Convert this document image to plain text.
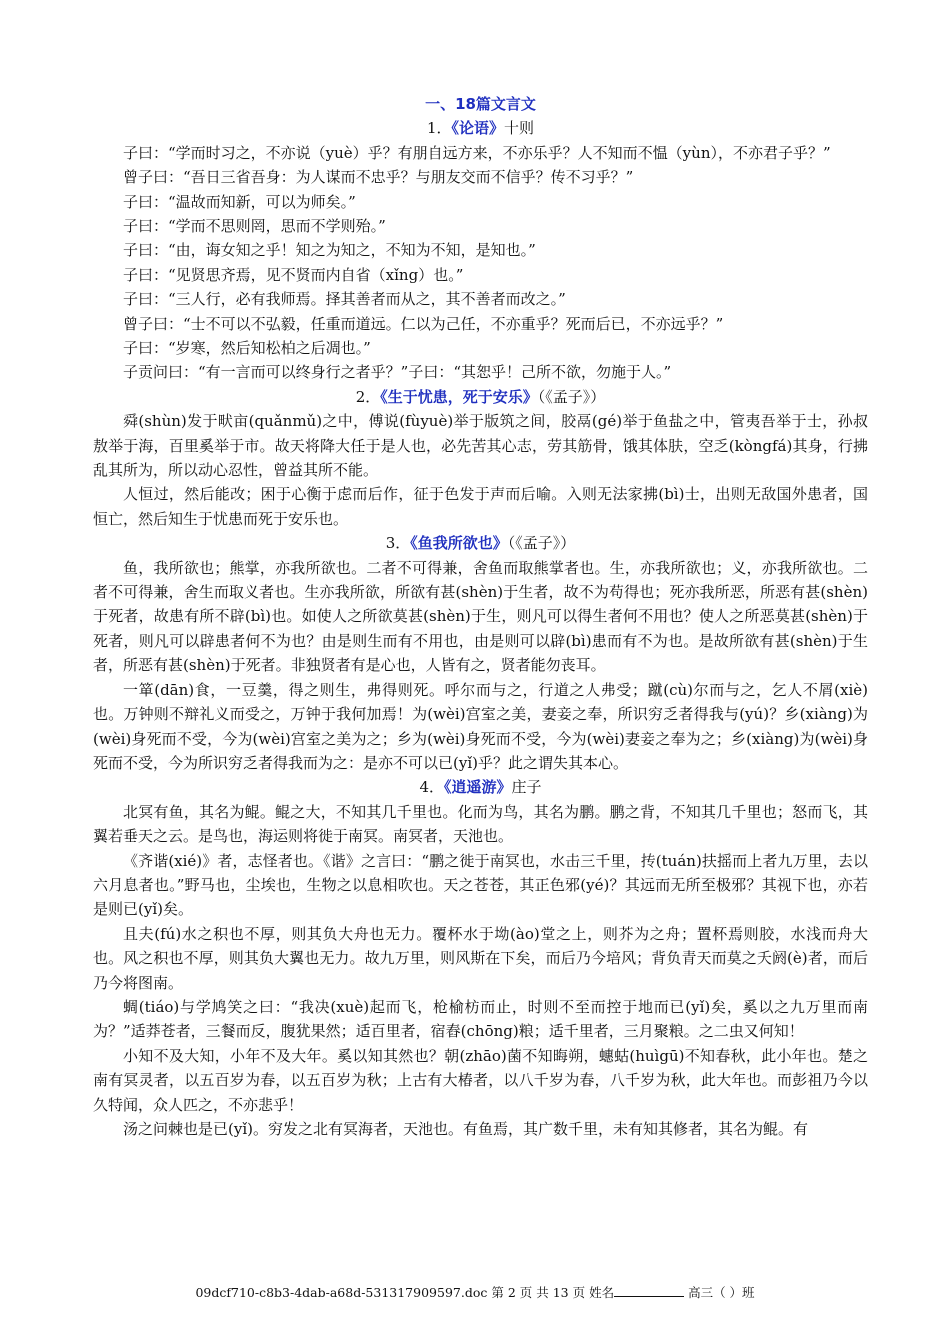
一、18篇文言文
1．《论语》十则

子曰：“学而时习之，不亦说（yuè）乎？有朋自远方来，不亦乐乎？人不知而不愠（yùn），不亦君子乎？”

曾子曰：“吾日三省吾身：为人谋而不忠乎？与朋友交而不信乎？传不习乎？”

子曰：“温故而知新，可以为师矣。”

子曰：“学而不思则罔，思而不学则殆。”

子曰：“由，诲女知之乎！知之为知之，不知为不知，是知也。”

子曰：“见贤思齐焉，见不贤而内自省（xǐng）也。”

子曰：“三人行，必有我师焉。择其善者而从之，其不善者而改之。”

曾子曰：“士不可以不弘毅，任重而道远。仁以为己任，不亦重乎？死而后已，不亦远乎？”

子曰：“岁寒，然后知松柏之后凋也。”

子贡问曰：“有一言而可以终身行之者乎？”子曰：“其恕乎！己所不欲，勿施于人。”

2．《生于忧患，死于安乐》（《孟子》）

舜(shùn)发于畎亩(quǎnmǔ)之中，傅说(fùyuè)举于版筑之间，胶鬲(gé)举于鱼盐之中，管夷吾举于士，孙叔敖举于海，百里奚举于市。故天将降大任于是人也，必先苦其心志，劳其筋骨，饿其体肤，空乏(kòngfá)其身，行拂乱其所为，所以动心忍性，曾益其所不能。

人恒过，然后能改；困于心衡于虑而后作，征于色发于声而后喻。入则无法家拂(bì)士，出则无敌国外患者，国恒亡，然后知生于忧患而死于安乐也。

3．《鱼我所欲也》（《孟子》）

鱼，我所欲也；熊掌，亦我所欲也。二者不可得兼，舍鱼而取熊掌者也。生，亦我所欲也；义，亦我所欲也。二者不可得兼，舍生而取义者也。生亦我所欲，所欲有甚(shèn)于生者，故不为苟得也；死亦我所恶，所恶有甚(shèn)于死者，故患有所不辟(bì)也。如使人之所欲莫甚(shèn)于生，则凡可以得生者何不用也？使人之所恶莫甚(shèn)于死者，则凡可以辟患者何不为也？由是则生而有不用也，由是则可以辟(bì)患而有不为也。是故所欲有甚(shèn)于生者，所恶有甚(shèn)于死者。非独贤者有是心也，人皆有之，贤者能勿丧耳。

一箪(dān)食，一豆羹，得之则生，弗得则死。呼尔而与之，行道之人弗受；蹴(cù)尔而与之，乞人不屑(xiè)也。万钟则不辩礼义而受之，万钟于我何加焉！为(wèi)宫室之美，妻妾之奉，所识穷乏者得我与(yú)？乡(xiàng)为(wèi)身死而不受，今为(wèi)宫室之美为之；乡为(wèi)身死而不受，今为(wèi)妻妾之奉为之；乡(xiàng)为(wèi)身死而不受，今为所识穷乏者得我而为之：是亦不可以已(yǐ)乎？此之谓失其本心。

4．《逍遥游》庄子

北冥有鱼，其名为鲲。鲲之大，不知其几千里也。化而为鸟，其名为鹏。鹏之背，不知其几千里也；怒而飞，其翼若垂天之云。是鸟也，海运则将徙于南冥。南冥者，天池也。

《齐谐(xié)》者，志怪者也。《谐》之言曰：“鹏之徙于南冥也，水击三千里，抟(tuán)扶摇而上者九万里，去以六月息者也。”野马也，尘埃也，生物之以息相吹也。天之苍苍，其正色邪(yé)？其远而无所至极邪？其视下也，亦若是则已(yǐ)矣。

且夫(fú)水之积也不厚，则其负大舟也无力。覆杯水于坳(ào)堂之上，则芥为之舟；置杯焉则胶，水浅而舟大也。风之积也不厚，则其负大翼也无力。故九万里，则风斯在下矣，而后乃今培风；背负青天而莫之夭阏(è)者，而后乃今将图南。

蜩(tiáo)与学鸠笑之曰：“我决(xuè)起而飞，枪榆枋而止，时则不至而控于地而已(yǐ)矣，奚以之九万里而南为？”适莽苍者，三餐而反，腹犹果然；适百里者，宿舂(chōng)粮；适千里者，三月聚粮。之二虫又何知！

小知不及大知，小年不及大年。奚以知其然也？朝(zhāo)菌不知晦朔，蟪蛄(huìgū)不知春秋，此小年也。楚之南有冥灵者，以五百岁为春，以五百岁为秋；上古有大椿者，以八千岁为春，八千岁为秋，此大年也。而彭祖乃今以久特闻，众人匹之，不亦悲乎！

汤之问棘也是已(yǐ)。穷发之北有冥海者，天池也。有鱼焉，其广数千里，未有知其修者，其名为鲲。有

09dcf710-c8b3-4dab-a68d-531317909597.doc 第 2 页 共 13 页 姓名	高三（ ）班
